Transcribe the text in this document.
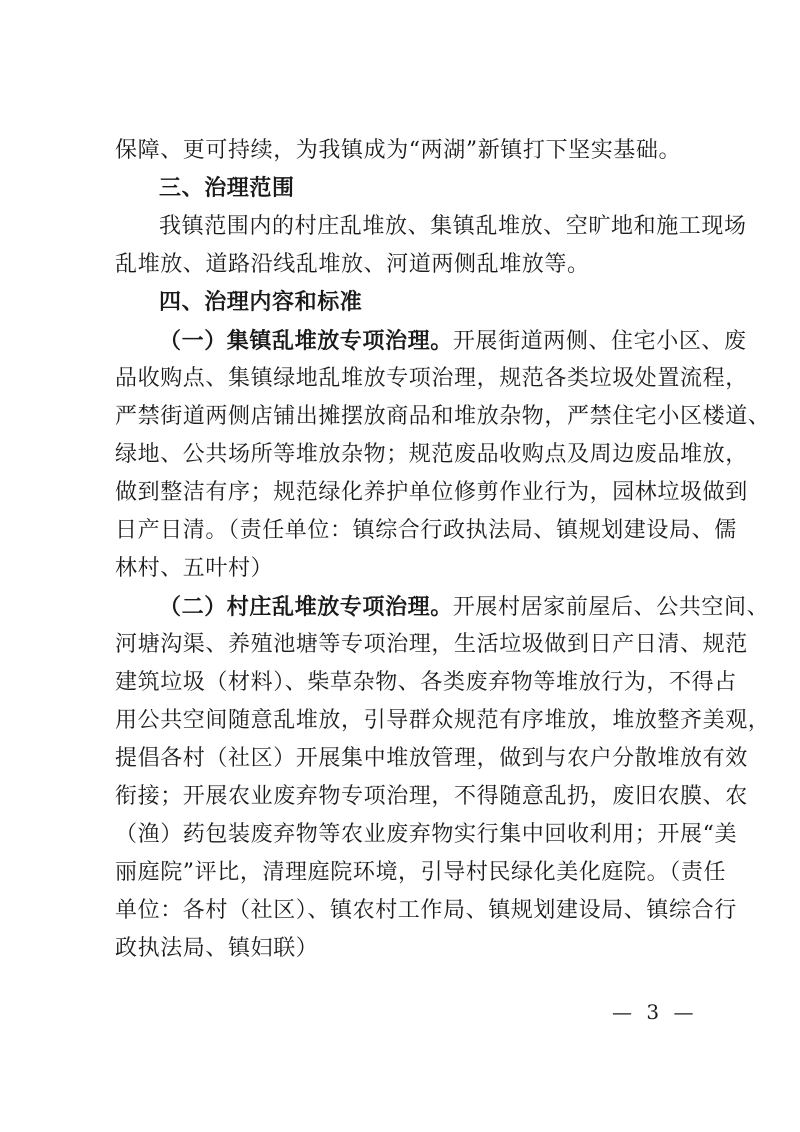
保障、更可持续，为我镇成为“两湖”新镇打下坚实基础。
三、治理范围
我镇范围内的村庄乱堆放、集镇乱堆放、空旷地和施工现场
乱堆放、道路沿线乱堆放、河道两侧乱堆放等。
四、治理内容和标准
（一）集镇乱堆放专项治理。开展街道两侧、住宅小区、废
品收购点、集镇绿地乱堆放专项治理，规范各类垃圾处置流程，
严禁街道两侧店铺出摊摆放商品和堆放杂物，严禁住宅小区楼道、
绿地、公共场所等堆放杂物；规范废品收购点及周边废品堆放，
做到整洁有序；规范绿化养护单位修剪作业行为，园林垃圾做到
日产日清。（责任单位：镇综合行政执法局、镇规划建设局、儒
林村、五叶村）
（二）村庄乱堆放专项治理。开展村居家前屋后、公共空间、
河塘沟渠、养殖池塘等专项治理，生活垃圾做到日产日清、规范
建筑垃圾（材料）、柴草杂物、各类废弃物等堆放行为，不得占
用公共空间随意乱堆放，引导群众规范有序堆放，堆放整齐美观，
提倡各村（社区）开展集中堆放管理，做到与农户分散堆放有效
衔接；开展农业废弃物专项治理，不得随意乱扔，废旧农膜、农
（渔）药包装废弃物等农业废弃物实行集中回收利用；开展“美
丽庭院”评比，清理庭院环境，引导村民绿化美化庭院。（责任
单位：各村（社区）、镇农村工作局、镇规划建设局、镇综合行
政执法局、镇妇联）
— 3 —
